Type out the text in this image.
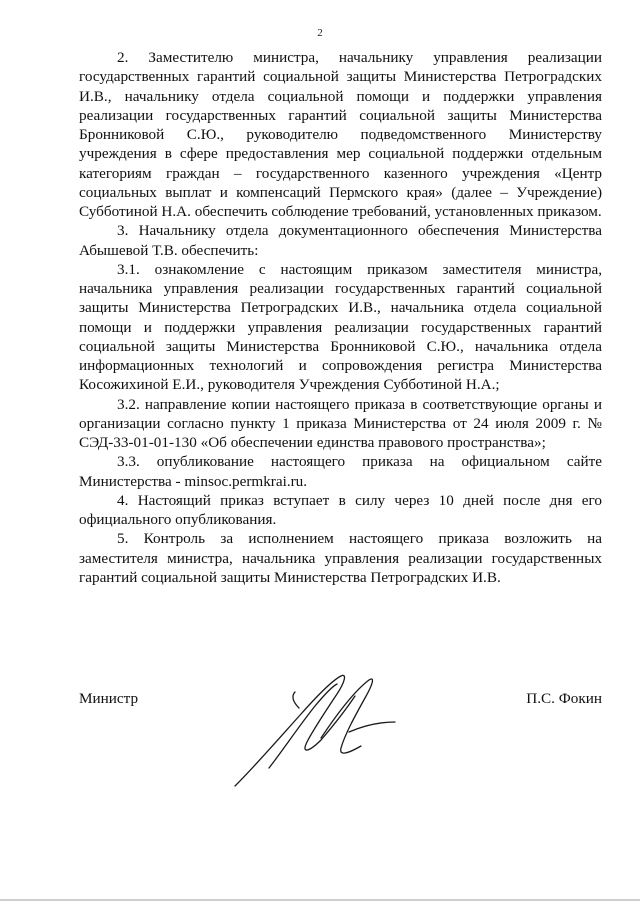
2

2. Заместителю министра, начальнику управления реализации государственных гарантий социальной защиты Министерства Петроградских И.В., начальнику отдела социальной помощи и поддержки управления реализации государственных гарантий социальной защиты Министерства Бронниковой С.Ю., руководителю подведомственного Министерству учреждения в сфере предоставления мер социальной поддержки отдельным категориям граждан – государственного казенного учреждения «Центр социальных выплат и компенсаций Пермского края» (далее – Учреждение) Субботиной Н.А. обеспечить соблюдение требований, установленных приказом.

3. Начальнику отдела документационного обеспечения Министерства Абышевой Т.В. обеспечить:

3.1. ознакомление с настоящим приказом заместителя министра, начальника управления реализации государственных гарантий социальной защиты Министерства Петроградских И.В., начальника отдела социальной помощи и поддержки управления реализации государственных гарантий социальной защиты Министерства Бронниковой С.Ю., начальника отдела информационных технологий и сопровождения регистра Министерства Косожихиной Е.И., руководителя Учреждения Субботиной Н.А.;

3.2. направление копии настоящего приказа в соответствующие органы и организации согласно пункту 1 приказа Министерства от 24 июля 2009 г. № СЭД-33-01-01-130 «Об обеспечении единства правового пространства»;

3.3. опубликование настоящего приказа на официальном сайте Министерства - minsoc.permkrai.ru.

4. Настоящий приказ вступает в силу через 10 дней после дня его официального опубликования.

5. Контроль за исполнением настоящего приказа возложить на заместителя министра, начальника управления реализации государственных гарантий социальной защиты Министерства Петроградских И.В.

Министр	П.С. Фокин
